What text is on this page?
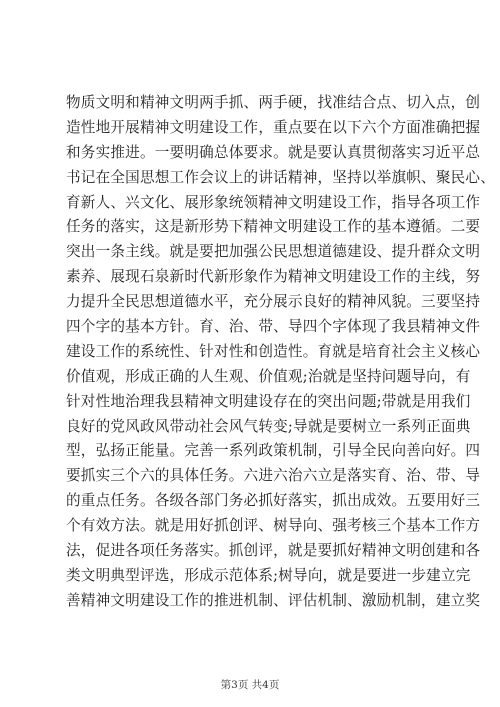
物质文明和精神文明两手抓、两手硬，找准结合点、切入点，创
造性地开展精神文明建设工作，重点要在以下六个方面准确把握
和务实推进。一要明确总体要求。就是要认真贯彻落实习近平总
书记在全国思想工作会议上的讲话精神，坚持以举旗帜、聚民心、
育新人、兴文化、展形象统领精神文明建设工作，指导各项工作
任务的落实，这是新形势下精神文明建设工作的基本遵循。二要
突出一条主线。就是要把加强公民思想道德建设、提升群众文明
素养、展现石泉新时代新形象作为精神文明建设工作的主线，努
力提升全民思想道德水平，充分展示良好的精神风貌。三要坚持
四个字的基本方针。育、治、带、导四个字体现了我县精神文件
建设工作的系统性、针对性和创造性。育就是培育社会主义核心
价值观，形成正确的人生观、价值观;治就是坚持问题导向，有
针对性地治理我县精神文明建设存在的突出问题;带就是用我们
良好的党风政风带动社会风气转变;导就是要树立一系列正面典
型，弘扬正能量。完善一系列政策机制，引导全民向善向好。四
要抓实三个六的具体任务。六进六治六立是落实育、治、带、导
的重点任务。各级各部门务必抓好落实，抓出成效。五要用好三
个有效方法。就是用好抓创评、树导向、强考核三个基本工作方
法，促进各项任务落实。抓创评，就是要抓好精神文明创建和各
类文明典型评选，形成示范体系;树导向，就是要进一步建立完
善精神文明建设工作的推进机制、评估机制、激励机制，建立奖
第3页 共4页
